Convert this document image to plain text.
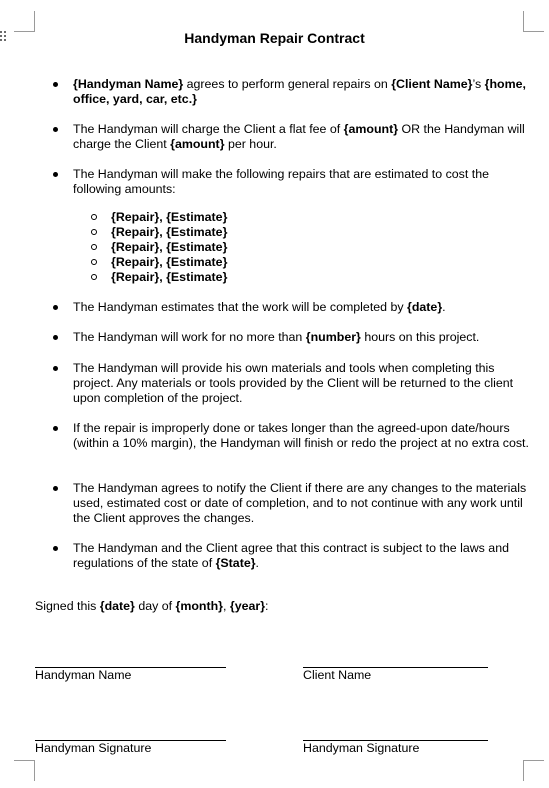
Handyman Repair Contract
{Handyman Name} agrees to perform general repairs on {Client Name}’s {home, office, yard, car, etc.}
The Handyman will charge the Client a flat fee of {amount} OR the Handyman will charge the Client {amount} per hour.
The Handyman will make the following repairs that are estimated to cost the following amounts:
{Repair}, {Estimate}
{Repair}, {Estimate}
{Repair}, {Estimate}
{Repair}, {Estimate}
{Repair}, {Estimate}
The Handyman estimates that the work will be completed by {date}.
The Handyman will work for no more than {number} hours on this project.
The Handyman will provide his own materials and tools when completing this project. Any materials or tools provided by the Client will be returned to the client upon completion of the project.
If the repair is improperly done or takes longer than the agreed-upon date/hours (within a 10% margin), the Handyman will finish or redo the project at no extra cost.
The Handyman agrees to notify the Client if there are any changes to the materials used, estimated cost or date of completion, and to not continue with any work until the Client approves the changes.
The Handyman and the Client agree that this contract is subject to the laws and regulations of the state of {State}.
Signed this {date} day of {month}, {year}:
Handyman Name	Client Name
Handyman Signature	Handyman Signature
